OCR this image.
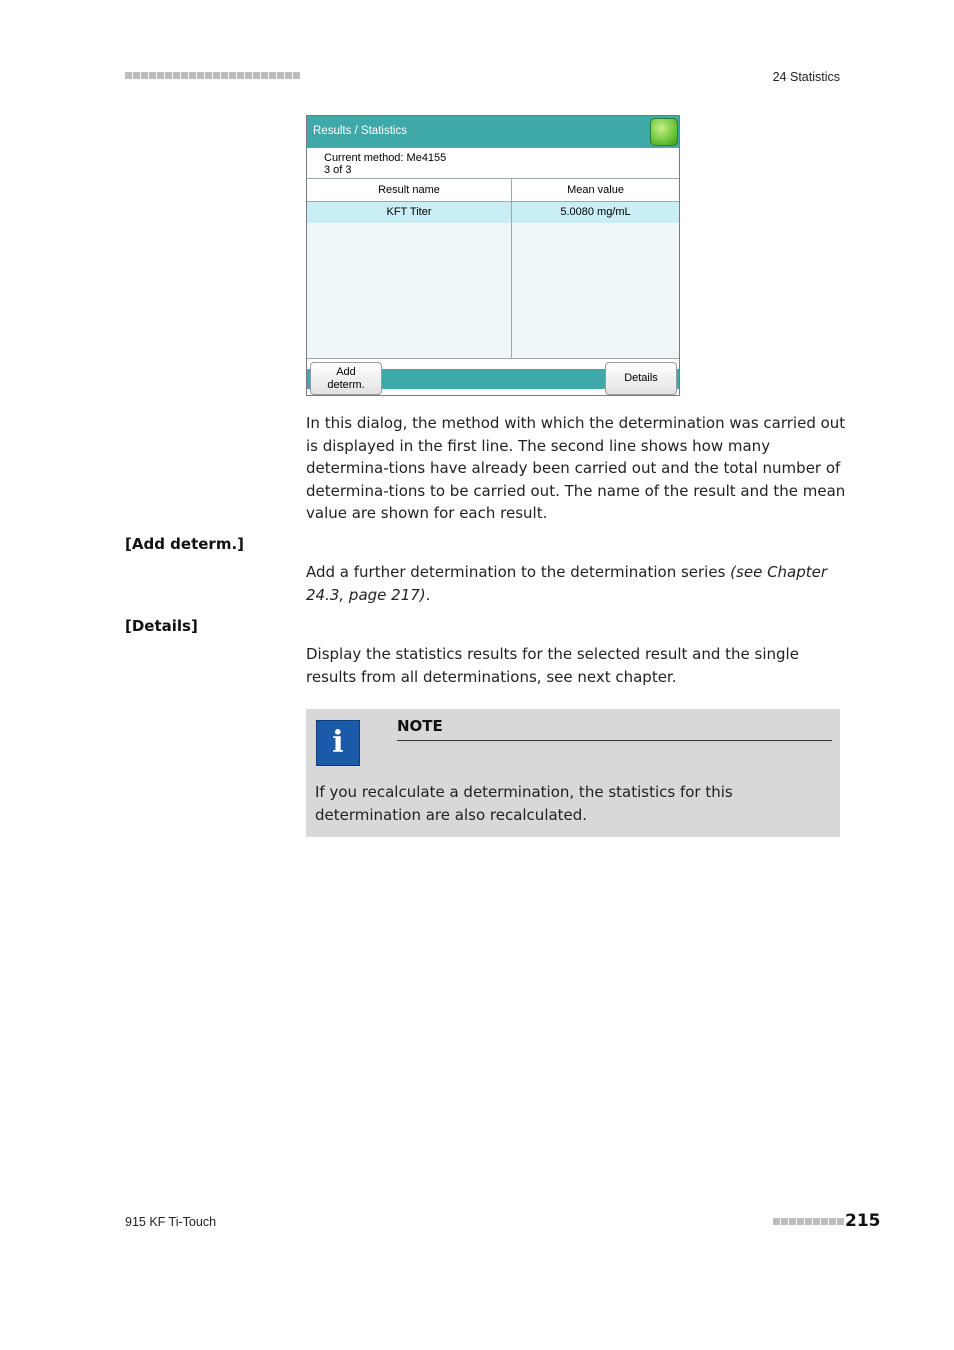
24 Statistics
Results / Statistics
Current method: Me4155
3 of 3
Result name	Mean value
KFT Titer	5.0080 mg/mL
Add
determ.
Details

In this dialog, the method with which the determination was carried out is displayed in the first line. The second line shows how many determina-tions have already been carried out and the total number of determina-tions to be carried out. The name of the result and the mean value are shown for each result.

[Add determ.]

Add a further determination to the determination series (see Chapter 24.3, page 217).

[Details]

Display the statistics results for the selected result and the single results from all determinations, see next chapter.

i	NOTE

If you recalculate a determination, the statistics for this determination are also recalculated.

915 KF Ti-Touch	215
